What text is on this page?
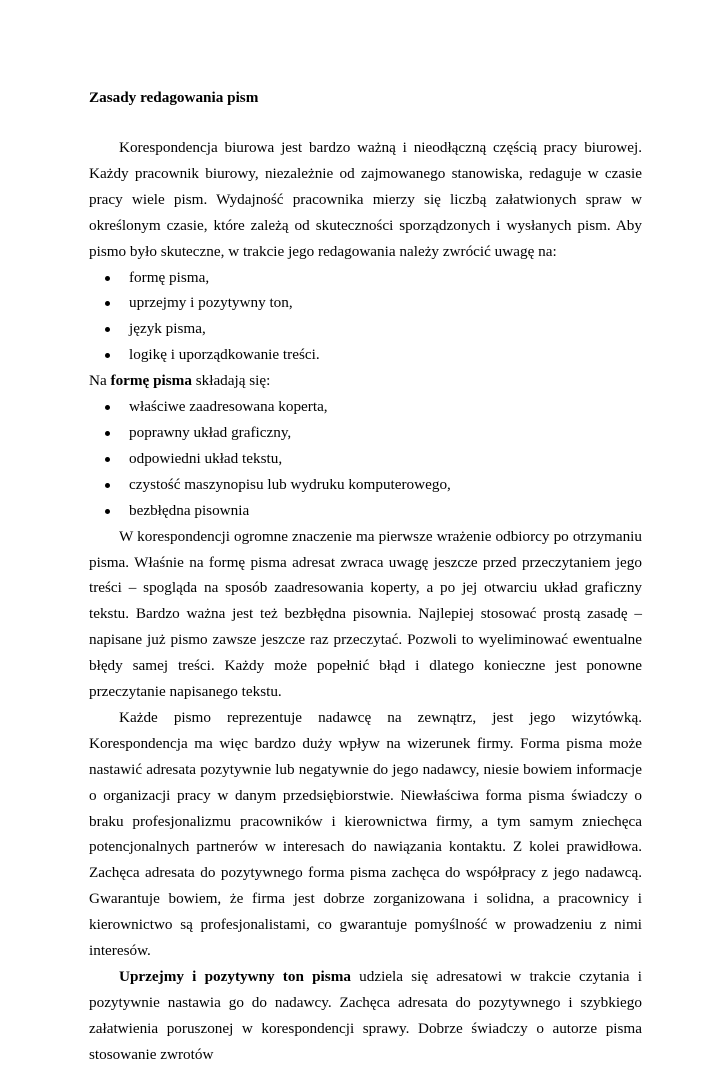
Zasady redagowania pism

Korespondencja biurowa jest bardzo ważną i nieodłączną częścią pracy biurowej. Każdy pracownik biurowy, niezależnie od zajmowanego stanowiska, redaguje w czasie pracy wiele pism. Wydajność pracownika mierzy się liczbą załatwionych spraw w określonym czasie, które zależą od skuteczności sporządzonych i wysłanych pism. Aby pismo było skuteczne, w trakcie jego redagowania należy zwrócić uwagę na:

formę pisma,
uprzejmy i pozytywny ton,
język pisma,
logikę i uporządkowanie treści.

Na formę pisma składają się:

właściwe zaadresowana koperta,
poprawny układ graficzny,
odpowiedni układ tekstu,
czystość maszynopisu lub wydruku komputerowego,
bezbłędna pisownia

W korespondencji ogromne znaczenie ma pierwsze wrażenie odbiorcy po otrzymaniu pisma. Właśnie na formę pisma adresat zwraca uwagę jeszcze przed przeczytaniem jego treści – spogląda na sposób zaadresowania koperty, a po jej otwarciu układ graficzny tekstu. Bardzo ważna jest też bezbłędna pisownia. Najlepiej stosować prostą zasadę – napisane już pismo zawsze jeszcze raz przeczytać. Pozwoli to wyeliminować ewentualne błędy samej treści. Każdy może popełnić błąd i dlatego konieczne jest ponowne przeczytanie napisanego tekstu.

Każde pismo reprezentuje nadawcę na zewnątrz, jest jego wizytówką. Korespondencja ma więc bardzo duży wpływ na wizerunek firmy. Forma pisma może nastawić adresata pozytywnie lub negatywnie do jego nadawcy, niesie bowiem informacje o organizacji pracy w danym przedsiębiorstwie. Niewłaściwa forma pisma świadczy o braku profesjonalizmu pracowników i kierownictwa firmy, a tym samym zniechęca potencjonalnych partnerów w interesach do nawiązania kontaktu. Z kolei prawidłowa. Zachęca adresata do pozytywnego forma pisma zachęca do współpracy z jego nadawcą. Gwarantuje bowiem, że firma jest dobrze zorganizowana i solidna, a pracownicy i kierownictwo są profesjonalistami, co gwarantuje pomyślność w prowadzeniu z nimi interesów.

Uprzejmy i pozytywny ton pisma udziela się adresatowi w trakcie czytania i pozytywnie nastawia go do nadawcy. Zachęca adresata do pozytywnego i szybkiego załatwienia poruszonej w korespondencji sprawy. Dobrze świadczy o autorze pisma stosowanie zwrotów
